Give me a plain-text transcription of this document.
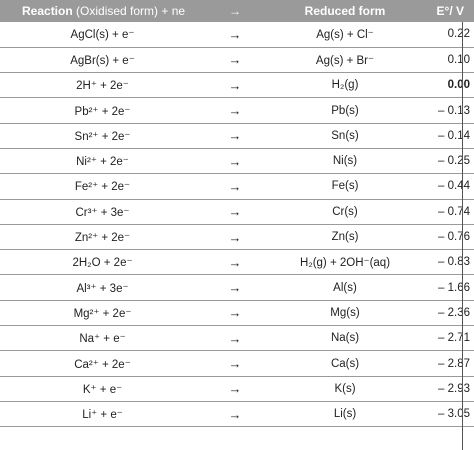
Reaction (Oxidised form) + ne	→	Reduced form	E°/ V
AgCl(s) + e⁻	→	Ag(s) + Cl⁻	0.22
AgBr(s) + e⁻	→	Ag(s) + Br⁻	0.10
2H⁺ + 2e⁻	→	H₂(g)	0.00
Pb²⁺ + 2e⁻	→	Pb(s)	– 0.13
Sn²⁺ + 2e⁻	→	Sn(s)	– 0.14
Ni²⁺ + 2e⁻	→	Ni(s)	– 0.25
Fe²⁺ + 2e⁻	→	Fe(s)	– 0.44
Cr³⁺ + 3e⁻	→	Cr(s)	– 0.74
Zn²⁺ + 2e⁻	→	Zn(s)	– 0.76
2H₂O + 2e⁻	→	H₂(g) + 2OH⁻(aq)	– 0.83
Al³⁺ + 3e⁻	→	Al(s)	– 1.66
Mg²⁺ + 2e⁻	→	Mg(s)	– 2.36
Na⁺ + e⁻	→	Na(s)	– 2.71
Ca²⁺ + 2e⁻	→	Ca(s)	– 2.87
K⁺ + e⁻	→	K(s)	– 2.93
Li⁺ + e⁻	→	Li(s)	– 3.05
